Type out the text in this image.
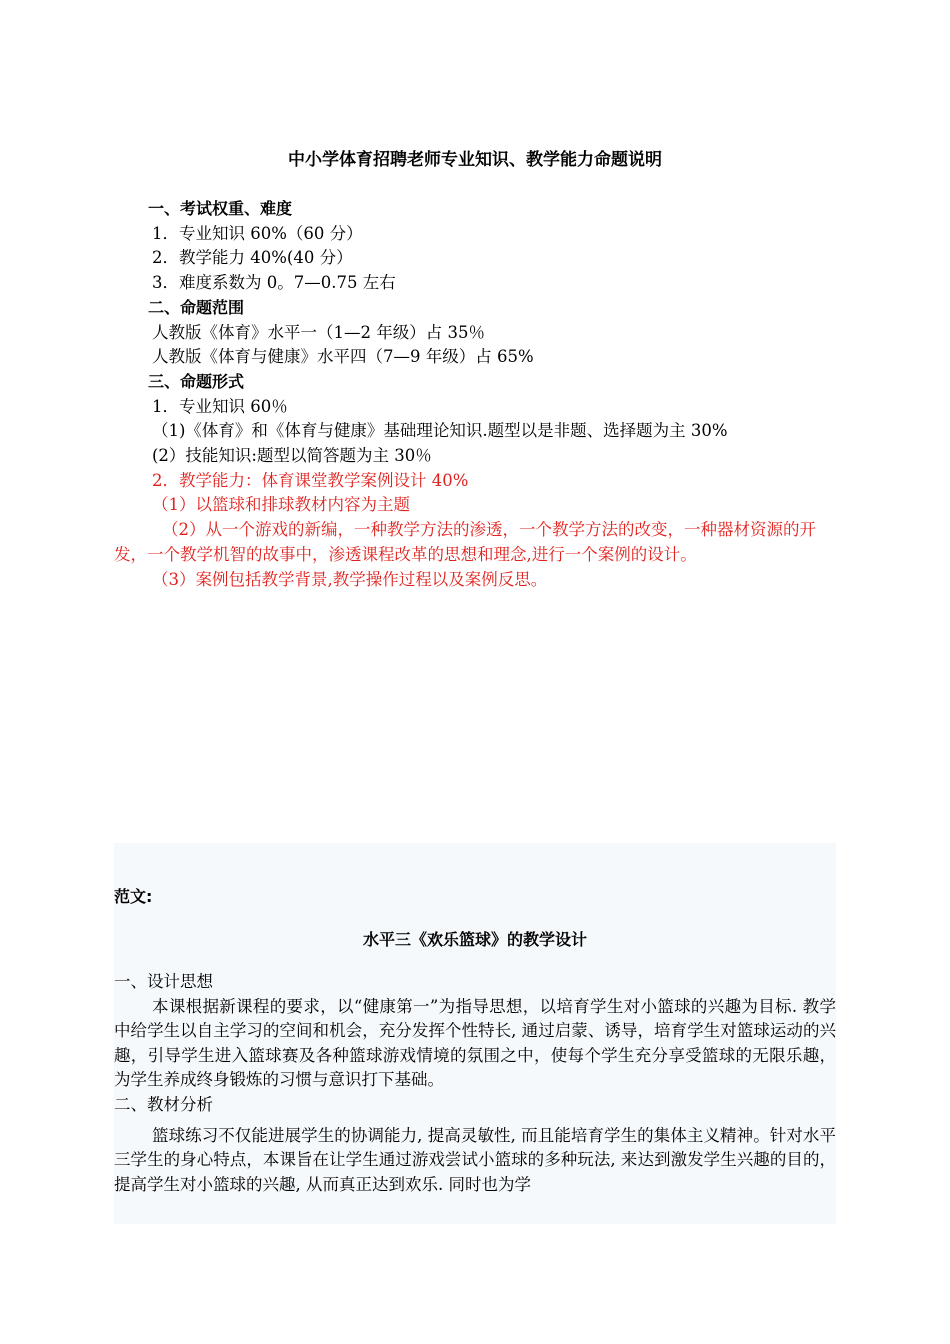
中小学体育招聘老师专业知识、教学能力命题说明

一、考试权重、难度

1．专业知识 60%（60 分）

2．教学能力 40%(40 分）

3．难度系数为 0。7—0.75 左右

二、命题范围

人教版《体育》水平一（1—2 年级）占 35％

人教版《体育与健康》水平四（7—9 年级）占 65%

三、命题形式

1．专业知识 60％

（1)《体育》和《体育与健康》基础理论知识.题型以是非题、选择题为主 30%

(2）技能知识:题型以简答题为主 30％

2．教学能力：体育课堂教学案例设计 40%

（1）以篮球和排球教材内容为主题

（2）从一个游戏的新编，一种教学方法的渗透，一个教学方法的改变，一种器材资源的开发，一个教学机智的故事中，渗透课程改革的思想和理念,进行一个案例的设计。

（3）案例包括教学背景,教学操作过程以及案例反思。

范文:

水平三《欢乐篮球》的教学设计

一、设计思想

本课根据新课程的要求，以“健康第一”为指导思想，以培育学生对小篮球的兴趣为目标. 教学中给学生以自主学习的空间和机会，充分发挥个性特长, 通过启蒙、诱导，培育学生对篮球运动的兴趣，引导学生进入篮球赛及各种篮球游戏情境的氛围之中，使每个学生充分享受篮球的无限乐趣，为学生养成终身锻炼的习惯与意识打下基础。

二、教材分析

篮球练习不仅能进展学生的协调能力, 提高灵敏性, 而且能培育学生的集体主义精神。针对水平三学生的身心特点，本课旨在让学生通过游戏尝试小篮球的多种玩法, 来达到激发学生兴趣的目的，提高学生对小篮球的兴趣, 从而真正达到欢乐. 同时也为学
